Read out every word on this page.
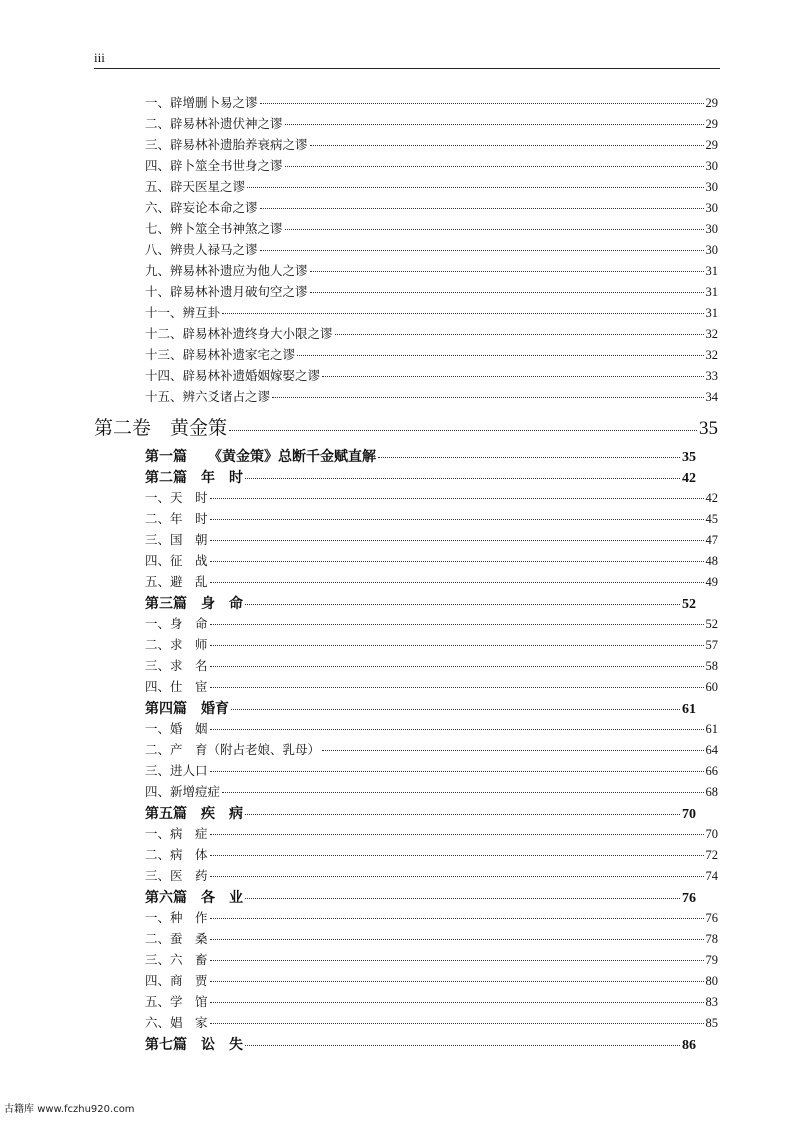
iii
一、辟增删卜易之谬	29
二、辟易林补遗伏神之谬	29
三、辟易林补遗胎养衰病之谬	29
四、辟卜筮全书世身之谬	30
五、辟天医星之谬	30
六、辟妄论本命之谬	30
七、辨卜筮全书神煞之谬	30
八、辨贵人禄马之谬	30
九、辨易林补遗应为他人之谬	31
十、辟易林补遗月破旬空之谬	31
十一、辨互卦	31
十二、辟易林补遗终身大小限之谬	32
十三、辟易林补遗家宅之谬	32
十四、辟易林补遗婚姻嫁娶之谬	33
十五、辨六爻诸占之谬	34
第二卷　黄金策	35
第一篇　　《黄金策》总断千金赋直解	35
第二篇　年　时	42
一、天　时	42
二、年　时	45
三、国　朝	47
四、征　战	48
五、避　乱	49
第三篇　身　命	52
一、身　命	52
二、求　师	57
三、求　名	58
四、仕　宦	60
第四篇　婚育	61
一、婚　姻	61
二、产　育（附占老娘、乳母）	64
三、进人口	66
四、新增痘症	68
第五篇　疾　病	70
一、病　症	70
二、病　体	72
三、医　药	74
第六篇　各　业	76
一、种　作	76
二、蚕　桑	78
三、六　畜	79
四、商　贾	80
五、学　馆	83
六、娼　家	85
第七篇　讼　失	86
古籍库 www.fczhu920.com
